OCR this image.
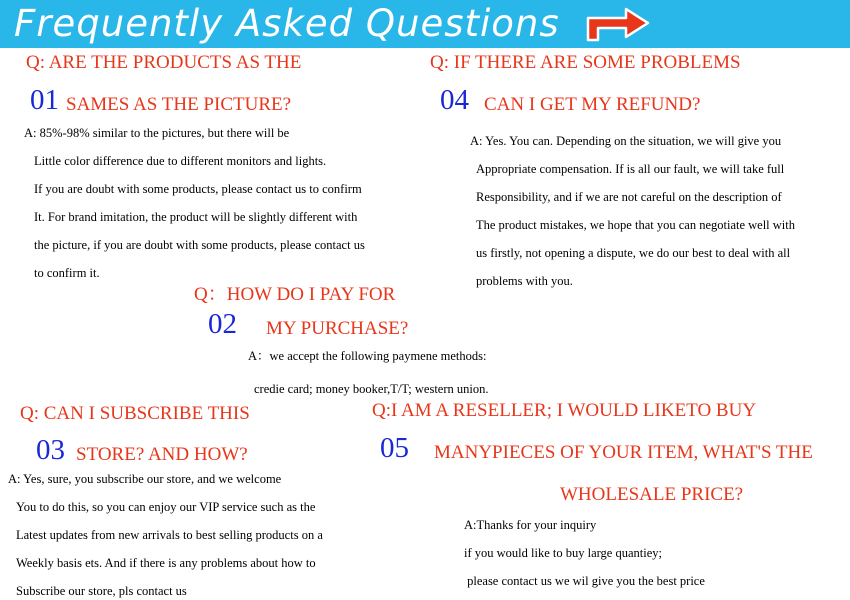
Frequently Asked Questions
Q: ARE THE PRODUCTS AS THE
01 SAMES AS THE PICTURE?
A: 85%-98% similar to the pictures, but there will be
Little color difference due to different monitors and lights.
If you are doubt with some products, please contact us to confirm
It. For brand imitation, the product will be slightly different with
the picture, if you are doubt with some products, please contact us
to confirm it.
Q：HOW DO I PAY FOR
02 MY PURCHASE?
A：we accept the following paymene methods:
credie card; money booker,T/T; western union.
Q: CAN I SUBSCRIBE THIS
03 STORE? AND HOW?
A: Yes, sure, you subscribe our store, and we welcome
You to do this, so you can enjoy our VIP service such as the
Latest updates from new arrivals to best selling products on a
Weekly basis ets. And if there is any problems about how to
Subscribe our store, pls contact us
Q: IF THERE ARE SOME PROBLEMS
04 CAN I GET MY REFUND?
A: Yes. You can. Depending on the situation, we will give you
Appropriate compensation. If is all our fault, we will take full
Responsibility, and if we are not careful on the description of
The product mistakes, we hope that you can negotiate well with
us firstly, not opening a dispute, we do our best to deal with all
problems with you.
Q:I AM A RESELLER; I WOULD LIKETO BUY
05 MANYPIECES OF YOUR ITEM, WHAT'S THE
WHOLESALE PRICE?
A:Thanks for your inquiry
if you would like to buy large quantiey;
please contact us we wil give you the best price
